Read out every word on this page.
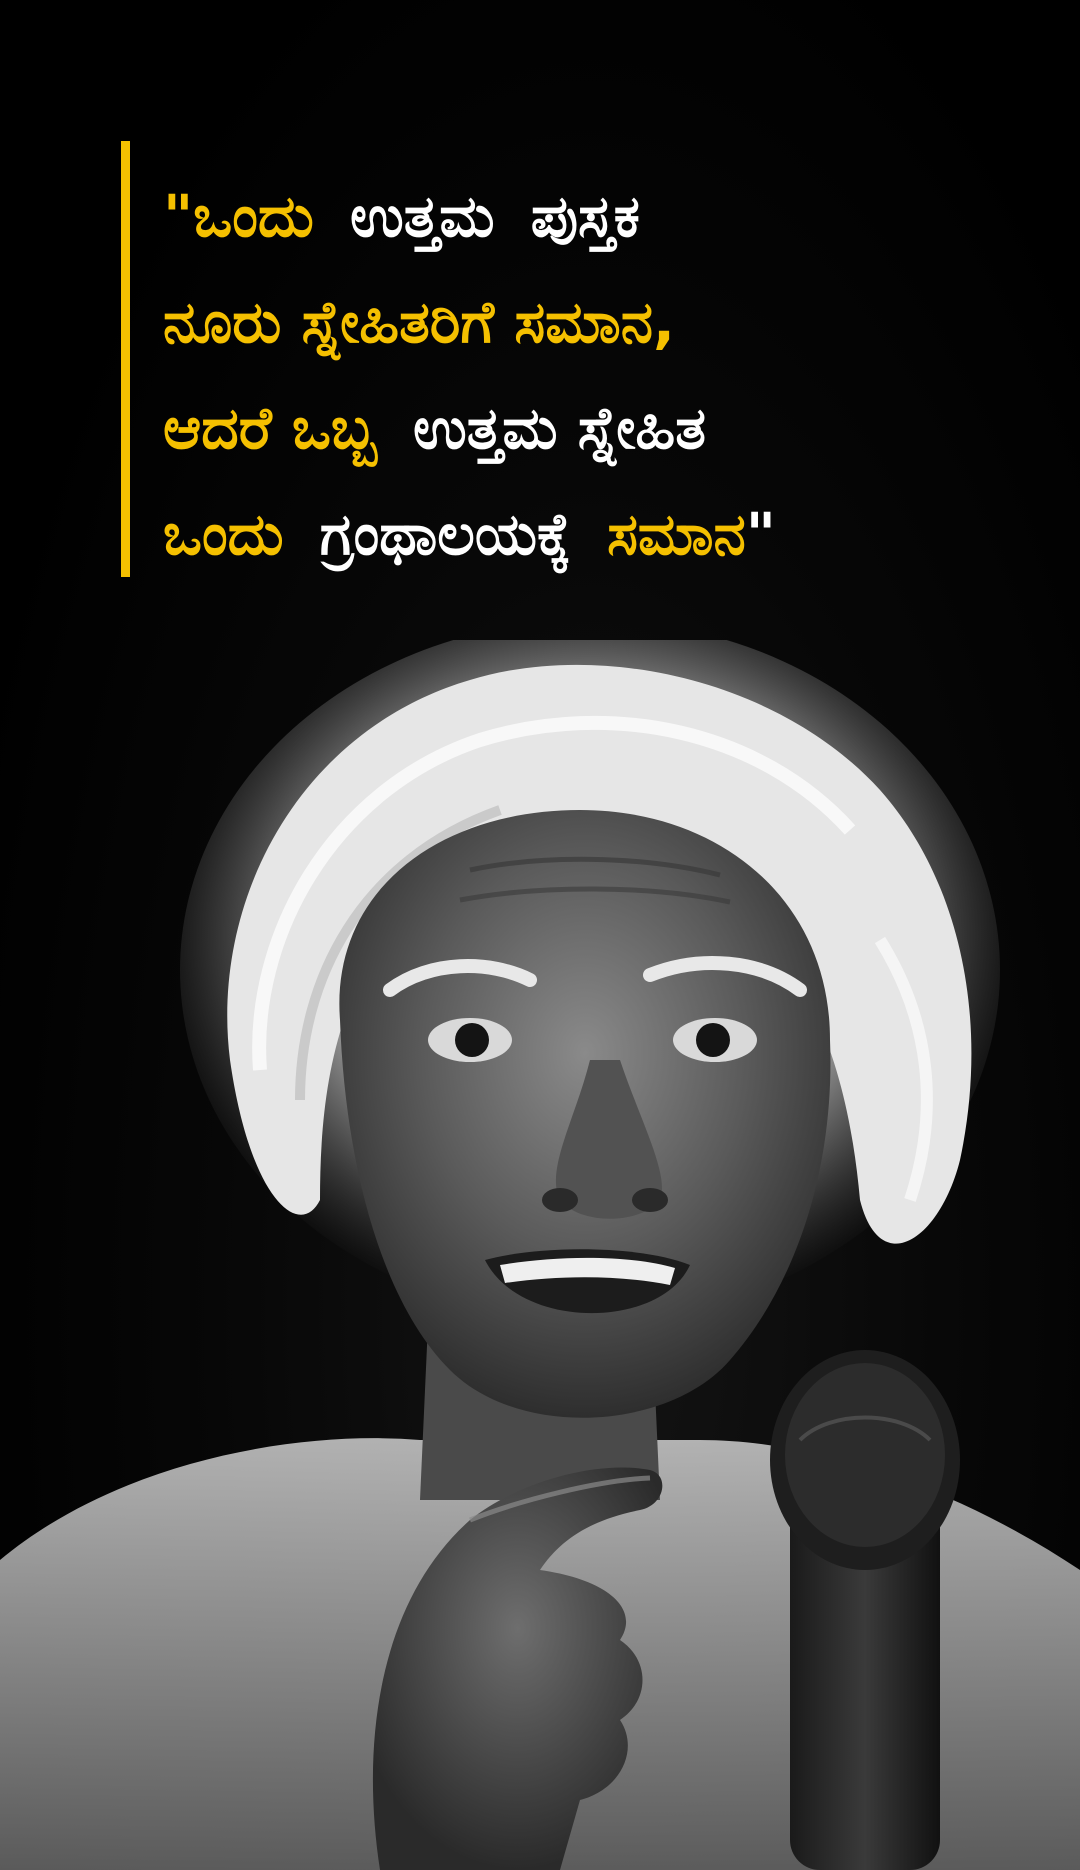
"ಒಂದು ಉತ್ತಮ ಪುಸ್ತಕ
ನೂರು ಸ್ನೇಹಿತರಿಗೆ ಸಮಾನ,
ಆದರೆ ಒಬ್ಬ ಉತ್ತಮ ಸ್ನೇಹಿತ
ಒಂದು ಗ್ರಂಥಾಲಯಕ್ಕೆ ಸಮಾನ"
